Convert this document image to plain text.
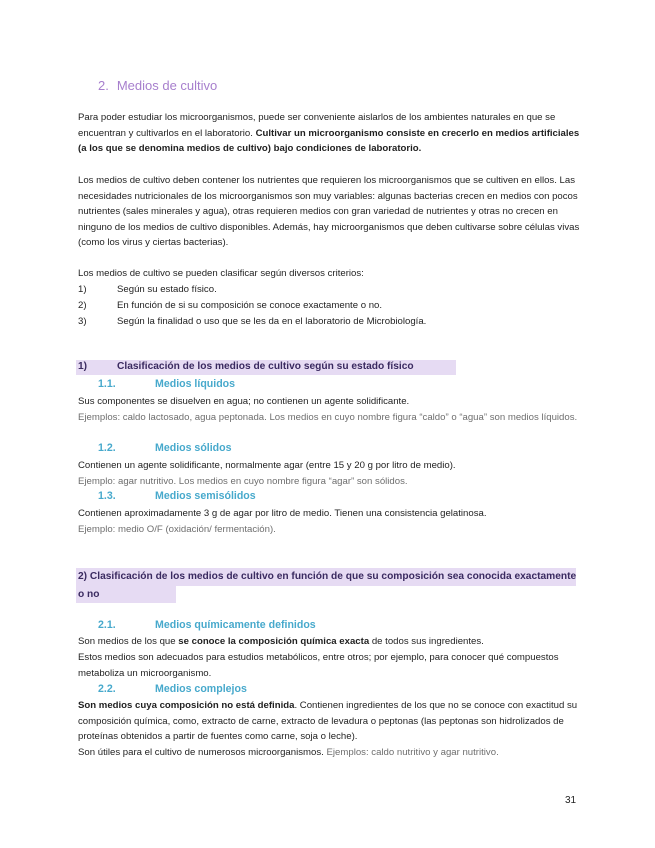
2. Medios de cultivo

Para poder estudiar los microorganismos, puede ser conveniente aislarlos de los ambientes naturales en que se encuentran y cultivarlos en el laboratorio. Cultivar un microorganismo consiste en crecerlo en medios artificiales (a los que se denomina medios de cultivo) bajo condiciones de laboratorio.

Los medios de cultivo deben contener los nutrientes que requieren los microorganismos que se cultiven en ellos. Las necesidades nutricionales de los microorganismos son muy variables: algunas bacterias crecen en medios con pocos nutrientes (sales minerales y agua), otras requieren medios con gran variedad de nutrientes y otras no crecen en ninguno de los medios de cultivo disponibles. Además, hay microorganismos que deben cultivarse sobre células vivas (como los virus y ciertas bacterias).

Los medios de cultivo se pueden clasificar según diversos criterios:

1)	Según su estado físico.
2)	En función de si su composición se conoce exactamente o no.
3)	Según la finalidad o uso que se les da en el laboratorio de Microbiología.
1)	Clasificación de los medios de cultivo según su estado físico
1.1.	Medios líquidos

Sus componentes se disuelven en agua; no contienen un agente solidificante.

Ejemplos: caldo lactosado, agua peptonada. Los medios en cuyo nombre figura “caldo” o “agua” son medios líquidos.

1.2.	Medios sólidos

Contienen un agente solidificante, normalmente agar (entre 15 y 20 g por litro de medio).

Ejemplo: agar nutritivo. Los medios en cuyo nombre figura “agar” son sólidos.

1.3.	Medios semisólidos

Contienen aproximadamente 3 g de agar por litro de medio. Tienen una consistencia gelatinosa.

Ejemplo: medio O/F (oxidación/ fermentación).

2) Clasificación de los medios de cultivo en función de que su composición sea conocida exactamente o no
2.1.	Medios químicamente definidos

Son medios de los que se conoce la composición química exacta de todos sus ingredientes.

Estos medios son adecuados para estudios metabólicos, entre otros; por ejemplo, para conocer qué compuestos metaboliza un microorganismo.

2.2.	Medios complejos

Son medios cuya composición no está definida. Contienen ingredientes de los que no se conoce con exactitud su composición química, como, extracto de carne, extracto de levadura o peptonas (las peptonas son hidrolizados de proteínas obtenidos a partir de fuentes como carne, soja o leche).

Son útiles para el cultivo de numerosos microorganismos. Ejemplos: caldo nutritivo y agar nutritivo.

31
